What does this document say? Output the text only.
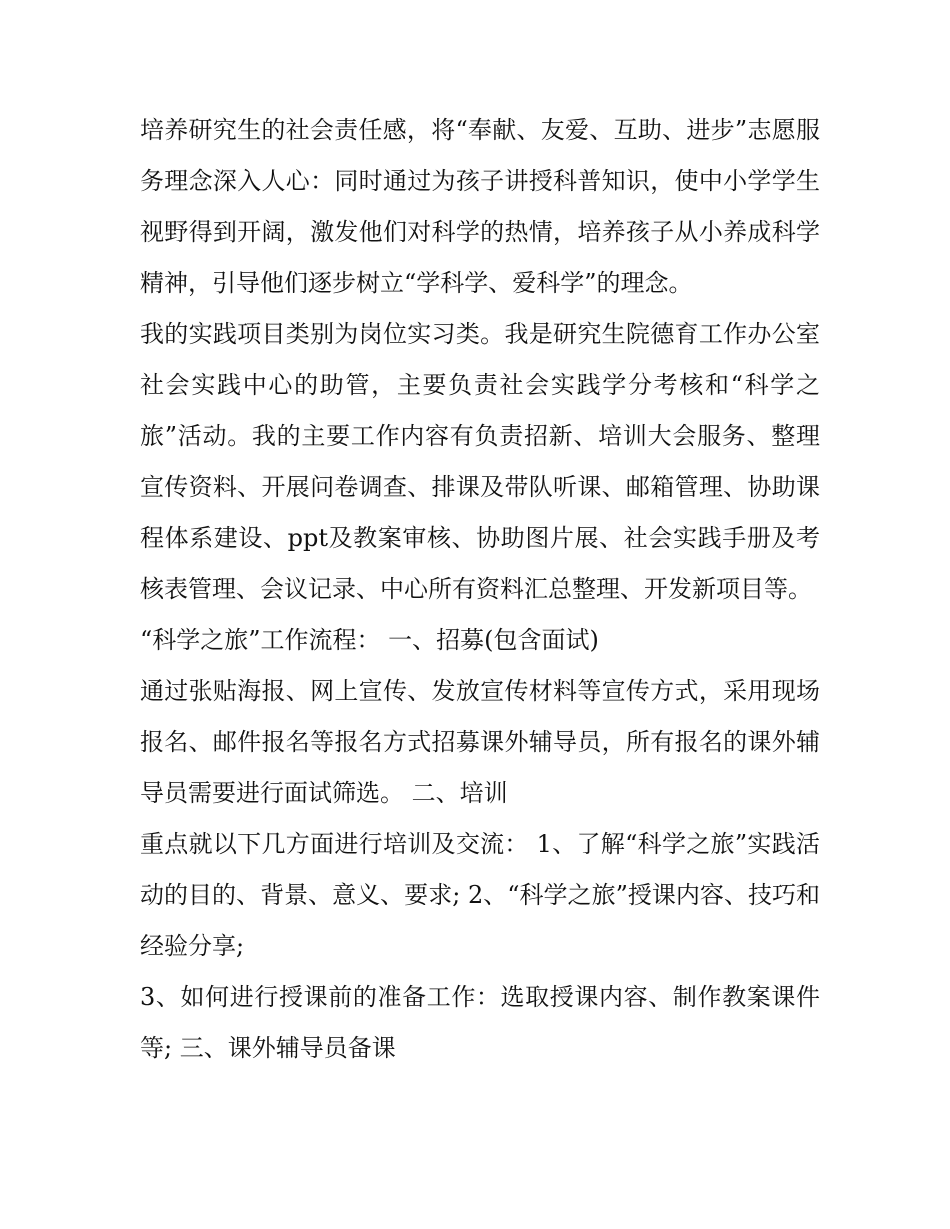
培养研究生的社会责任感，将“奉献、友爱、互助、进步”志愿服务理念深入人心：同时通过为孩子讲授科普知识，使中小学学生视野得到开阔，激发他们对科学的热情，培养孩子从小养成科学精神，引导他们逐步树立“学科学、爱科学”的理念。

我的实践项目类别为岗位实习类。我是研究生院德育工作办公室社会实践中心的助管，主要负责社会实践学分考核和“科学之旅”活动。我的主要工作内容有负责招新、培训大会服务、整理宣传资料、开展问卷调查、排课及带队听课、邮箱管理、协助课程体系建设、ppt及教案审核、协助图片展、社会实践手册及考核表管理、会议记录、中心所有资料汇总整理、开发新项目等。

“科学之旅”工作流程： 一、招募(包含面试)

通过张贴海报、网上宣传、发放宣传材料等宣传方式，采用现场报名、邮件报名等报名方式招募课外辅导员，所有报名的课外辅导员需要进行面试筛选。 二、培训

重点就以下几方面进行培训及交流： 1、了解“科学之旅”实践活动的目的、背景、意义、要求; 2、“科学之旅”授课内容、技巧和经验分享;

3、如何进行授课前的准备工作：选取授课内容、制作教案课件等; 三、课外辅导员备课
